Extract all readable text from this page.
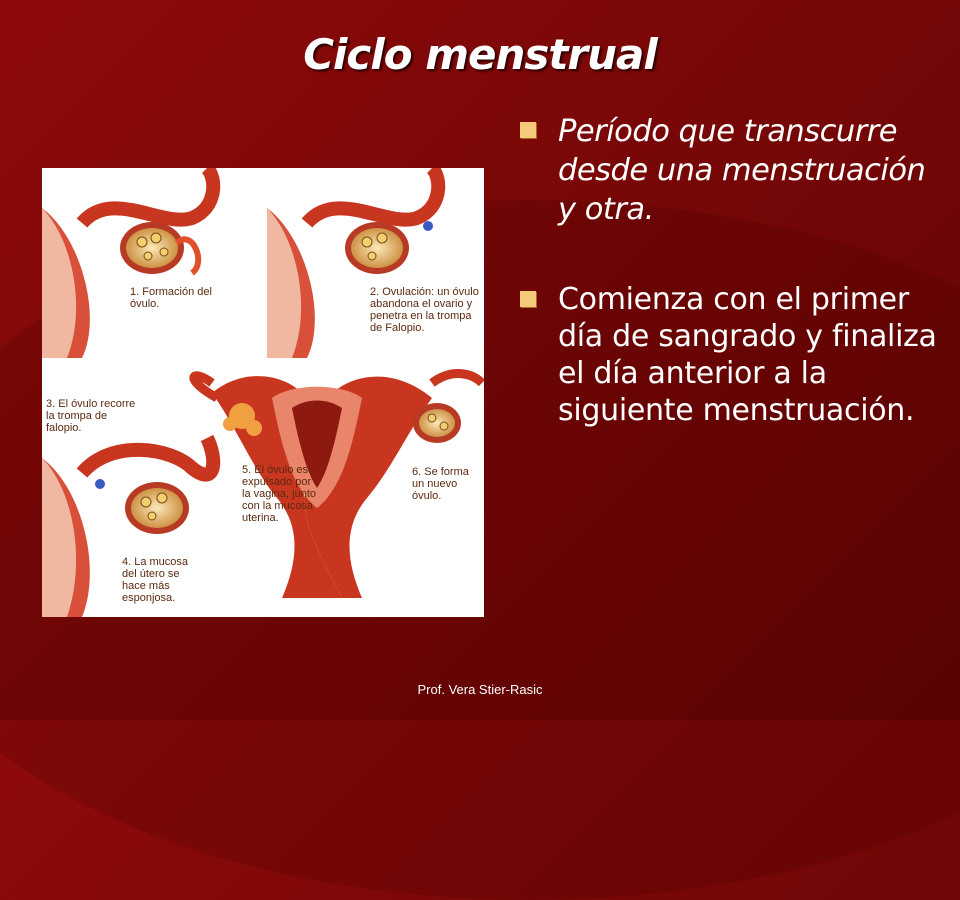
Ciclo menstrual
1. Formación del óvulo.
2. Ovulación: un óvulo abandona el ovario y penetra en la trompa de Falopio.
3. El óvulo recorre la trompa de falopio.
4. La mucosa del útero se hace más esponjosa.
5. El óvulo es expulsado por la vagina, junto con la mucosa uterina.
6. Se forma un nuevo óvulo.
Período que transcurre desde una menstruación y otra.
Comienza con el primer día de sangrado y finaliza el día anterior a la siguiente menstruación.
Prof. Vera Stier-Rasic
